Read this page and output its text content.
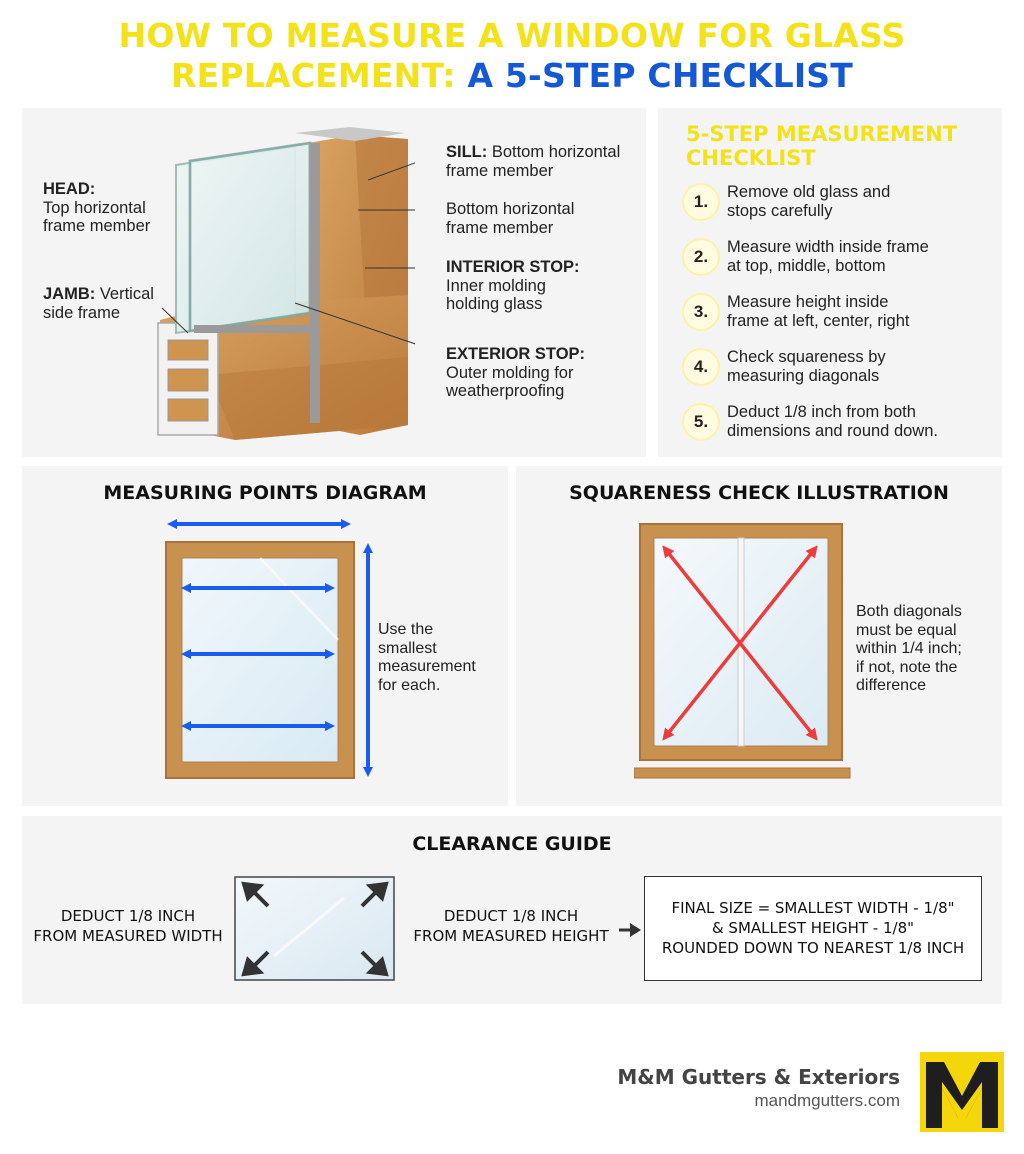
HOW TO MEASURE A WINDOW FOR GLASS
REPLACEMENT: A 5-STEP CHECKLIST
HEAD:
Top horizontal
frame member
JAMB: Vertical
side frame
SILL: Bottom horizontal
frame member
Bottom horizontal
frame member
INTERIOR STOP:
Inner molding
holding glass
EXTERIOR STOP:
Outer molding for
weatherproofing
5-STEP MEASUREMENT
CHECKLIST
1.	Remove old glass and
stops carefully
2.	Measure width inside frame
at top, middle, bottom
3.	Measure height inside
frame at left, center, right
4.	Check squareness by
measuring diagonals
5.	Deduct 1/8 inch from both
dimensions and round down.
MEASURING POINTS DIAGRAM
Use the
smallest
measurement
for each.
SQUARENESS CHECK ILLUSTRATION
Both diagonals
must be equal
within 1/4 inch;
if not, note the
difference
CLEARANCE GUIDE
DEDUCT 1/8 INCH
FROM MEASURED WIDTH
DEDUCT 1/8 INCH
FROM MEASURED HEIGHT
FINAL SIZE = SMALLEST WIDTH - 1/8"
& SMALLEST HEIGHT - 1/8"
ROUNDED DOWN TO NEAREST 1/8 INCH
M&M Gutters & Exteriors
mandmgutters.com
